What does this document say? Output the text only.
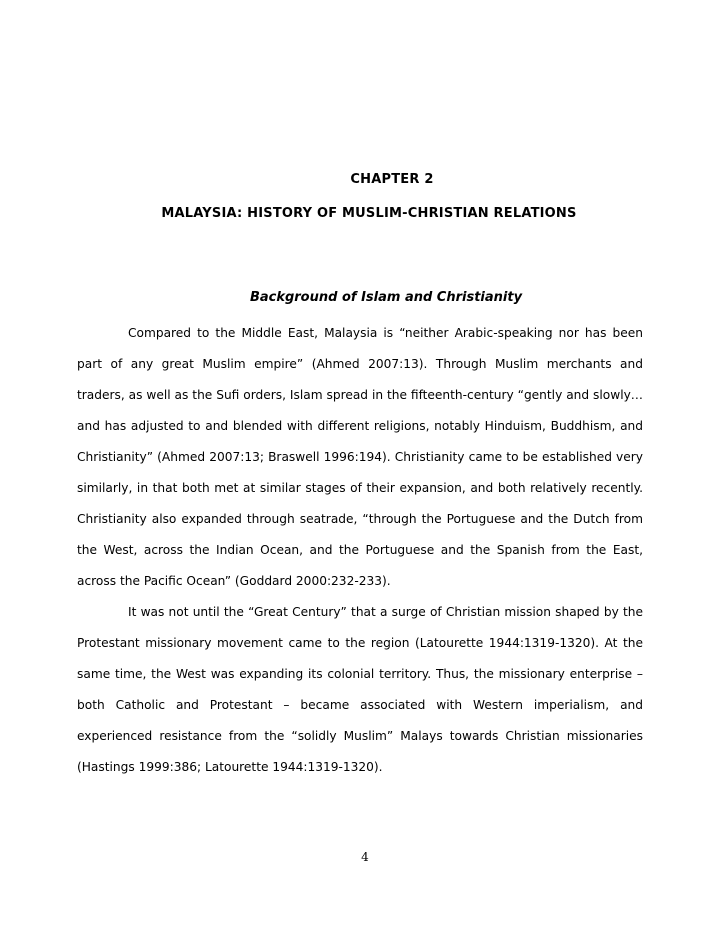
CHAPTER 2
MALAYSIA: HISTORY OF MUSLIM-CHRISTIAN RELATIONS
Background of Islam and Christianity

Compared to the Middle East, Malaysia is “neither Arabic-speaking nor has been part of any great Muslim empire” (Ahmed 2007:13). Through Muslim merchants and traders, as well as the Sufi orders, Islam spread in the fifteenth-century “gently and slowly…and has adjusted to and blended with different religions, notably Hinduism, Buddhism, and Christianity” (Ahmed 2007:13; Braswell 1996:194). Christianity came to be established very similarly, in that both met at similar stages of their expansion, and both relatively recently. Christianity also expanded through seatrade, “through the Portuguese and the Dutch from the West, across the Indian Ocean, and the Portuguese and the Spanish from the East, across the Pacific Ocean” (Goddard 2000:232-233).

It was not until the “Great Century” that a surge of Christian mission shaped by the Protestant missionary movement came to the region (Latourette 1944:1319-1320). At the same time, the West was expanding its colonial territory. Thus, the missionary enterprise – both Catholic and Protestant – became associated with Western imperialism, and experienced resistance from the “solidly Muslim” Malays towards Christian missionaries (Hastings 1999:386; Latourette 1944:1319-1320).

4
